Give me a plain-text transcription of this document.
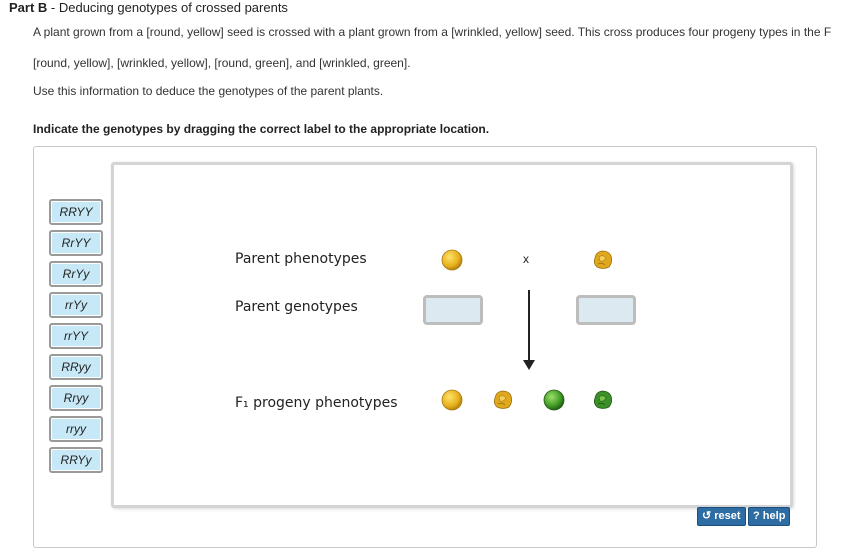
Part B - Deducing genotypes of crossed parents
A plant grown from a [round, yellow] seed is crossed with a plant grown from a [wrinkled, yellow] seed. This cross produces four progeny types in the F
[round, yellow], [wrinkled, yellow], [round, green], and [wrinkled, green].
Use this information to deduce the genotypes of the parent plants.
Indicate the genotypes by dragging the correct label to the appropriate location.
RRYY
RrYY
RrYy
rrYy
rrYY
RRyy
Rryy
rryy
RRYy
Parent phenotypes
Parent genotypes
F₁ progeny phenotypes
x
↺ reset	? help
